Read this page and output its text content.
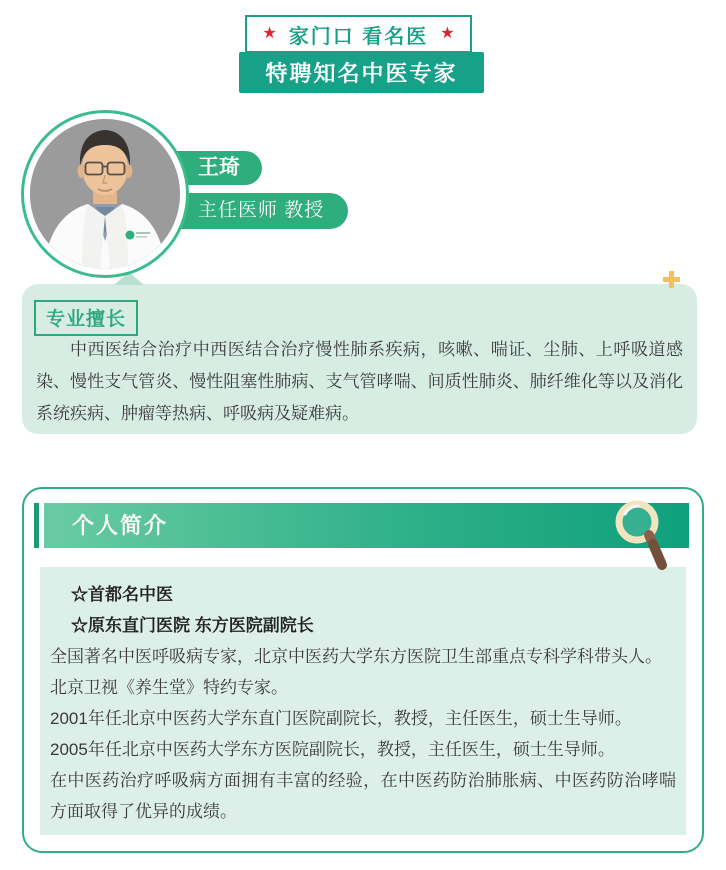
★ 家门口 看名医 ★
特聘知名中医专家
王琦
主任医师 教授
专业擅长

中西医结合治疗中西医结合治疗慢性肺系疾病，咳嗽、喘证、尘肺、上呼吸道感染、慢性支气管炎、慢性阻塞性肺病、支气管哮喘、间质性肺炎、肺纤维化等以及消化系统疾病、肿瘤等热病、呼吸病及疑难病。

个人简介
☆首都名中医
☆原东直门医院 东方医院副院长
全国著名中医呼吸病专家，北京中医药大学东方医院卫生部重点专科学科带头人。
北京卫视《养生堂》特约专家。
2001年任北京中医药大学东直门医院副院长，教授，主任医生，硕士生导师。
2005年任北京中医药大学东方医院副院长，教授，主任医生，硕士生导师。
在中医药治疗呼吸病方面拥有丰富的经验，在中医药防治肺胀病、中医药防治哮喘方面取得了优异的成绩。
